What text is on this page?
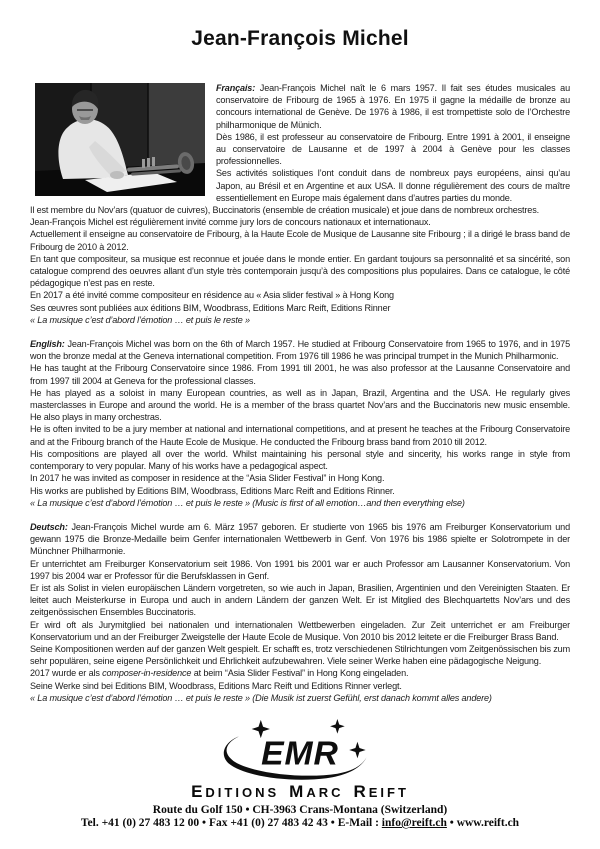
Jean-François Michel

Français: Jean-François Michel naît le 6 mars 1957. Il fait ses études musicales au conservatoire de Fribourg de 1965 à 1976. En 1975 il gagne la médaille de bronze au concours international de Genève. De 1976 à 1986, il est trompettiste solo de l’Orchestre philharmonique de Münich.

Dès 1986, il est professeur au conservatoire de Fribourg. Entre 1991 à 2001, il enseigne au conservatoire de Lausanne et de 1997 à 2004 à Genève pour les classes professionnelles.

Ses activités solistiques l’ont conduit dans de nombreux pays européens, ainsi qu’au Japon, au Brésil et en Argentine et aux USA. Il donne régulièrement des cours de maître essentiellement en Europe mais également dans d’autres parties du monde.

Il est membre du Nov’ars (quatuor de cuivres), Buccinatoris (ensemble de création musicale) et joue dans de nombreux orchestres.

Jean-François Michel est régulièrement invité comme jury lors de concours nationaux et internationaux.

Actuellement il enseigne au conservatoire de Fribourg, à la Haute Ecole de Musique de Lausanne site Fribourg ; il a dirigé le brass band de Fribourg de 2010 à 2012.

En tant que compositeur, sa musique est reconnue et jouée dans le monde entier. En gardant toujours sa personnalité et sa sincérité, son catalogue comprend des oeuvres allant d’un style très contemporain jusqu’à des compositions plus populaires. Dans ce catalogue, le côté pédagogique n’est pas en reste.

En 2017 a été invité comme compositeur en résidence au « Asia slider festival » à Hong Kong

Ses œuvres sont publiées aux éditions BIM, Woodbrass, Editions Marc Reift, Editions Rinner

« La musique c’est d’abord l’émotion … et puis le reste »

English: Jean-François Michel was born on the 6th of March 1957. He studied at Fribourg Conservatoire from 1965 to 1976, and in 1975 won the bronze medal at the Geneva international competition. From 1976 till 1986 he was principal trumpet in the Munich Philharmonic.

He has taught at the Fribourg Conservatoire since 1986. From 1991 till 2001, he was also professor at the Lausanne Conservatoire and from 1997 till 2004 at Geneva for the professional classes.

He has played as a soloist in many European countries, as well as in Japan, Brazil, Argentina and the USA. He regularly gives masterclasses in Europe and around the world. He is a member of the brass quartet Nov’ars and the Buccinatoris new music ensemble. He also plays in many orchestras.

He is often invited to be a jury member at national and international competitions, and at present he teaches at the Fribourg Conservatoire and at the Fribourg branch of the Haute Ecole de Musique. He conducted the Fribourg brass band from 2010 till 2012.

His compositions are played all over the world. Whilst maintaining his personal style and sincerity, his works range in style from contemporary to very popular. Many of his works have a pedagogical aspect.

In 2017 he was invited as composer in residence at the “Asia Slider Festival” in Hong Kong.

His works are published by Editions BIM, Woodbrass, Editions Marc Reift and Editions Rinner.

« La musique c’est d’abord l’émotion … et puis le reste » (Music is first of all emotion…and then everything else)

Deutsch: Jean-François Michel wurde am 6. März 1957 geboren. Er studierte von 1965 bis 1976 am Freiburger Konservatorium und gewann 1975 die Bronze-Medaille beim Genfer internationalen Wettbewerb in Genf. Von 1976 bis 1986 spielte er Solotrompete in der Münchner Philharmonie.

Er unterrichtet am Freiburger Konservatorium seit 1986. Von 1991 bis 2001 war er auch Professor am Lausanner Konservatorium. Von 1997 bis 2004 war er Professor für die Berufsklassen in Genf.

Er ist als Solist in vielen europäischen Ländern vorgetreten, so wie auch in Japan, Brasilien, Argentinien und den Vereinigten Staaten. Er leitet auch Meisterkurse in Europa und auch in andern Ländern der ganzen Welt. Er ist Mitglied des Blechquartetts Nov’ars und des zeitgenössischen Ensembles Buccinatoris.

Er wird oft als Jurymitglied bei nationalen und internationalen Wettbewerben eingeladen. Zur Zeit unterrichet er am Freiburger Konservatorium und an der Freiburger Zweigstelle der Haute Ecole de Musique. Von 2010 bis 2012 leitete er die Freiburger Brass Band.

Seine Kompositionen werden auf der ganzen Welt gespielt. Er schafft es, trotz verschiedenen Stilrichtungen vom Zeitgenössischen bis zum sehr populären, seine eigene Persönlichkeit und Ehrlichkeit aufzubewahren. Viele seiner Werke haben eine pädagogische Neigung.

2017 wurde er als composer-in-residence at beim “Asia Slider Festival” in Hong Kong eingeladen.

Seine Werke sind bei Editions BIM, Woodbrass, Editions Marc Reift und Editions Rinner verlegt.

« La musique c’est d’abord l’émotion … et puis le reste » (Die Musik ist zuerst Gefühl, erst danach kommt alles andere)

EMR
EDITIONS MARC REIFT
Route du Golf 150 • CH-3963 Crans-Montana (Switzerland)
Tel. +41 (0) 27 483 12 00 • Fax +41 (0) 27 483 42 43 • E-Mail : info@reift.ch • www.reift.ch
